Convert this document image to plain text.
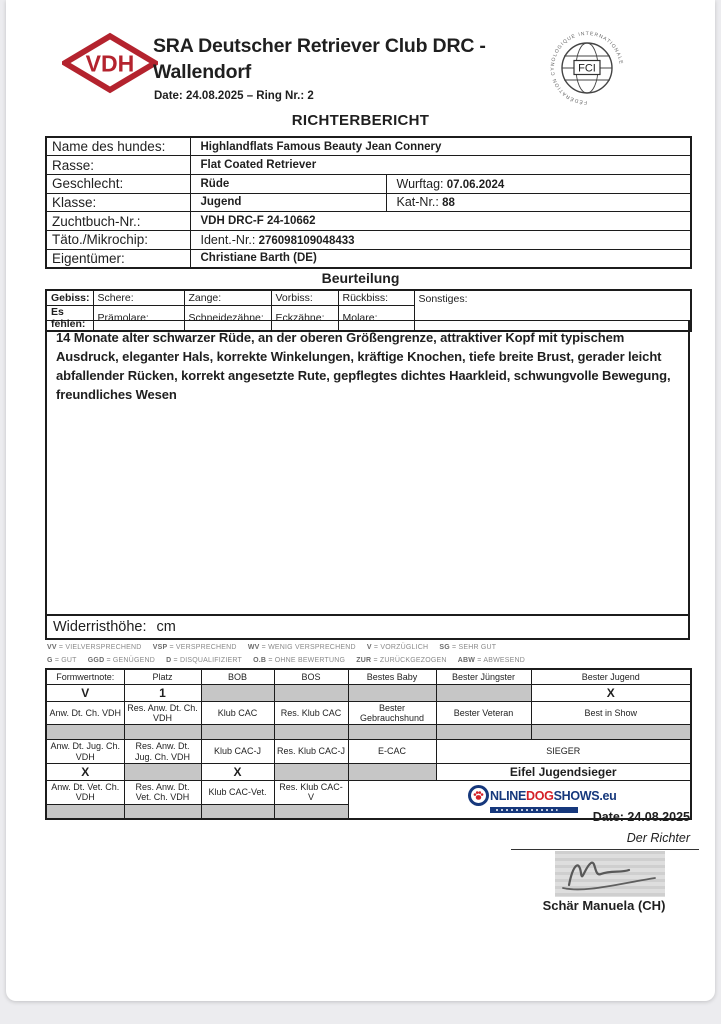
VDH
SRA Deutscher Retriever Club DRC - Wallendorf
Date: 24.08.2025 – Ring Nr.: 2	FÉDÉRATION CYNOLOGIQUE INTERNATIONALE
FCI
RICHTERBERICHT
Name des hundes:	Highlandflats Famous Beauty Jean Connery	
Rasse:	Flat Coated Retriever	
Geschlecht:	Rüde	Wurftag: 07.06.2024
Klasse:	Jugend	Kat-Nr.: 88
Zuchtbuch-Nr.:	VDH DRC-F 24-10662	
Täto./Mikrochip:	Ident.-Nr.: 276098109048433	
Eigentümer:	Christiane Barth (DE)	
Beurteilung
Gebiss:	Schere:	Zange:	Vorbiss:	Rückbiss:	Sonstiges:
Es fehlen:	Prämolare:	Schneidezähne:	Eckzähne:	Molare:	
14 Monate alter schwarzer Rüde, an der oberen Größengrenze, attraktiver Kopf mit typischem Ausdruck, eleganter Hals, korrekte Winkelungen, kräftige Knochen, tiefe breite Brust, gerader leicht abfallender Rücken, korrekt angesetzte Rute, gepflegtes dichtes Haarkleid, schwungvolle Bewegung, freundliches Wesen
Widerristhöhe: cm
VV = VIELVERSPRECHEND VSP = VERSPRECHEND WV = WENIG VERSPRECHEND V = VORZÜGLICH SG = SEHR GUT
G = GUT GGD = GENÜGEND D = DISQUALIFIZIERT O.B = OHNE BEWERTUNG ZUR = ZURÜCKGEZOGEN ABW = ABWESEND
Formwertnote:	Platz	BOB	BOS	Bestes Baby	Bester Jüngster	Bester Jugend
V	1					X
Anw. Dt. Ch. VDH	Res. Anw. Dt. Ch. VDH	Klub CAC	Res. Klub CAC	Bester Gebrauchshund	Bester Veteran	Best in Show

Anw. Dt. Jug. Ch. VDH	Res. Anw. Dt. Jug. Ch. VDH	Klub CAC-J	Res. Klub CAC-J	E-CAC	SIEGER	
X		X			Eifel Jugendsieger	
Anw. Dt. Vet. Ch. VDH	Res. Anw. Dt. Vet. Ch. VDH	Klub CAC-Vet.	Res. Klub CAC-V			
					NLINEDOGSHOWS.eu
Date: 24.08.2025
Der Richter
Schär Manuela (CH)
